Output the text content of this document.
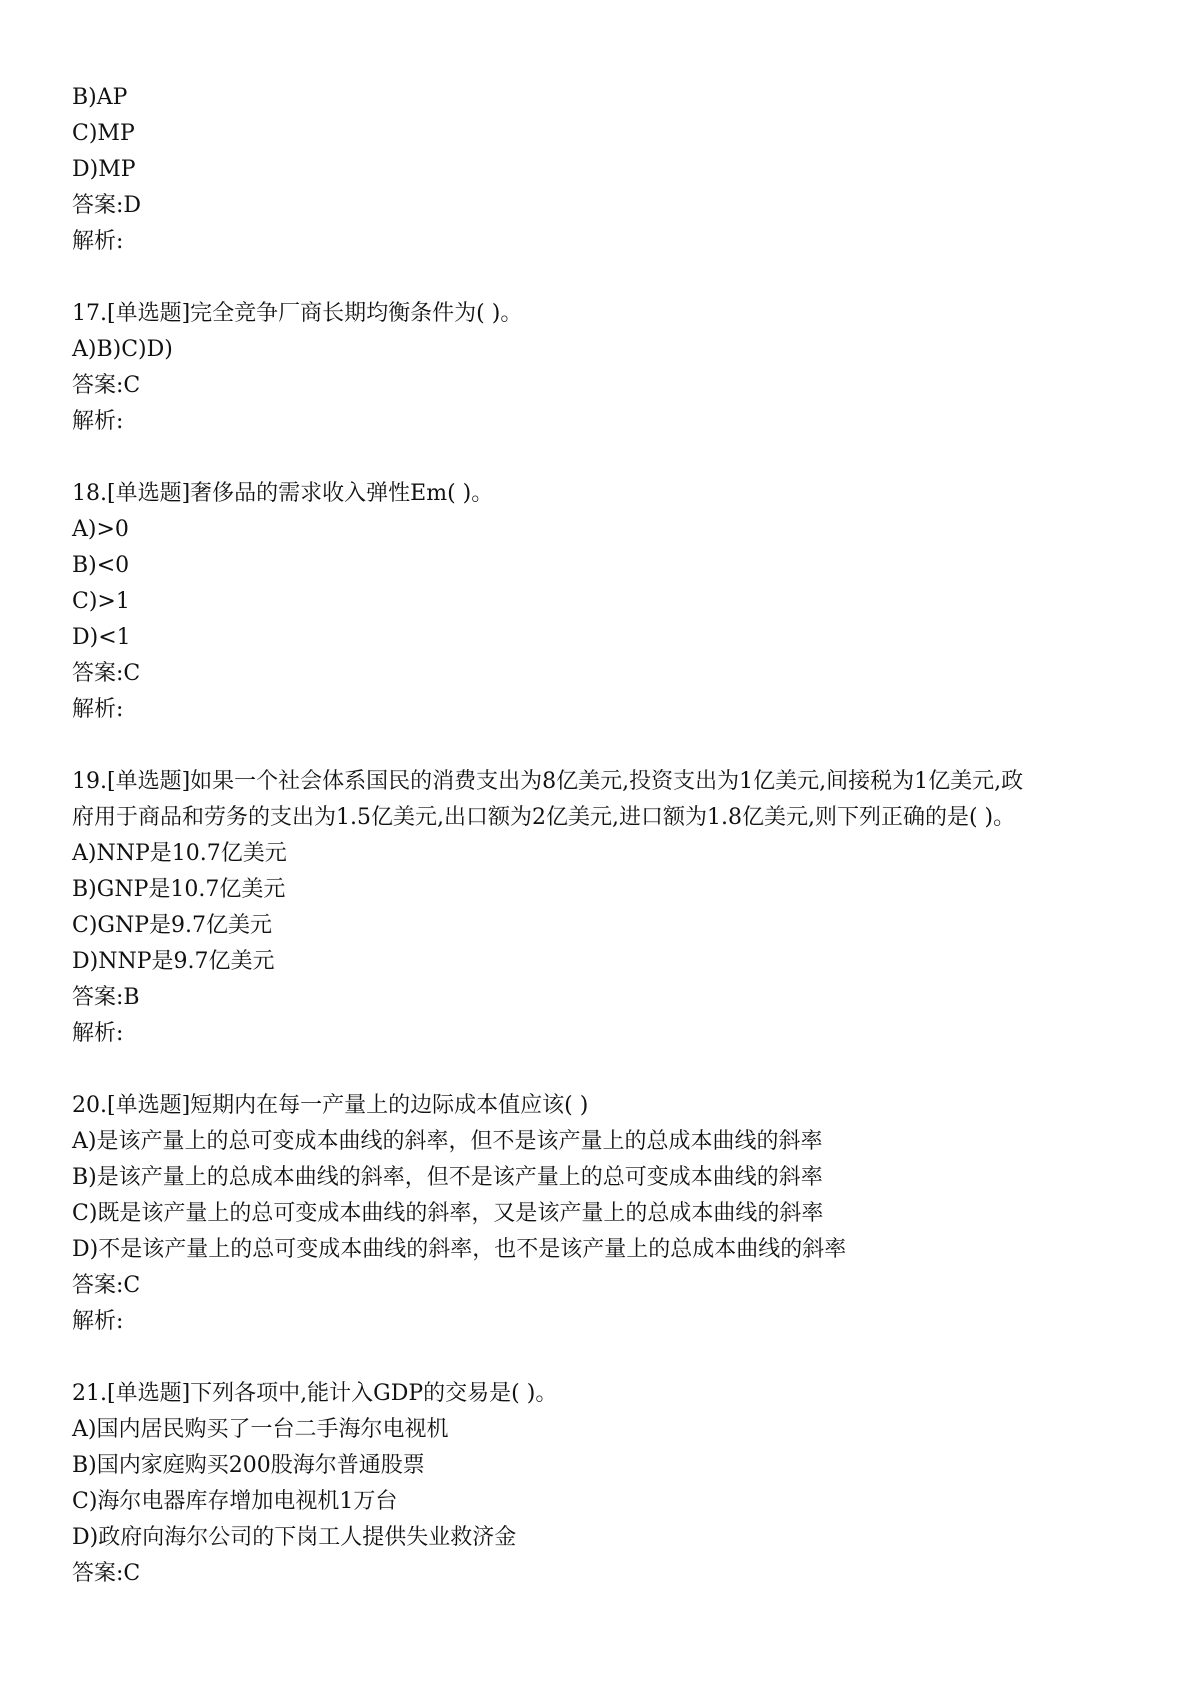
B)AP
C)MP
D)MP
答案:D
解析:
17.[单选题]完全竞争厂商长期均衡条件为( )。
A)B)C)D)
答案:C
解析:
18.[单选题]奢侈品的需求收入弹性Em( )。
A)>0
B)<0
C)>1
D)<1
答案:C
解析:
19.[单选题]如果一个社会体系国民的消费支出为8亿美元,投资支出为1亿美元,间接税为1亿美元,政
府用于商品和劳务的支出为1.5亿美元,出口额为2亿美元,进口额为1.8亿美元,则下列正确的是( )。
A)NNP是10.7亿美元
B)GNP是10.7亿美元
C)GNP是9.7亿美元
D)NNP是9.7亿美元
答案:B
解析:
20.[单选题]短期内在每一产量上的边际成本值应该( )
A)是该产量上的总可变成本曲线的斜率，但不是该产量上的总成本曲线的斜率
B)是该产量上的总成本曲线的斜率，但不是该产量上的总可变成本曲线的斜率
C)既是该产量上的总可变成本曲线的斜率，又是该产量上的总成本曲线的斜率
D)不是该产量上的总可变成本曲线的斜率，也不是该产量上的总成本曲线的斜率
答案:C
解析:
21.[单选题]下列各项中,能计入GDP的交易是( )。
A)国内居民购买了一台二手海尔电视机
B)国内家庭购买200股海尔普通股票
C)海尔电器库存增加电视机1万台
D)政府向海尔公司的下岗工人提供失业救济金
答案:C
